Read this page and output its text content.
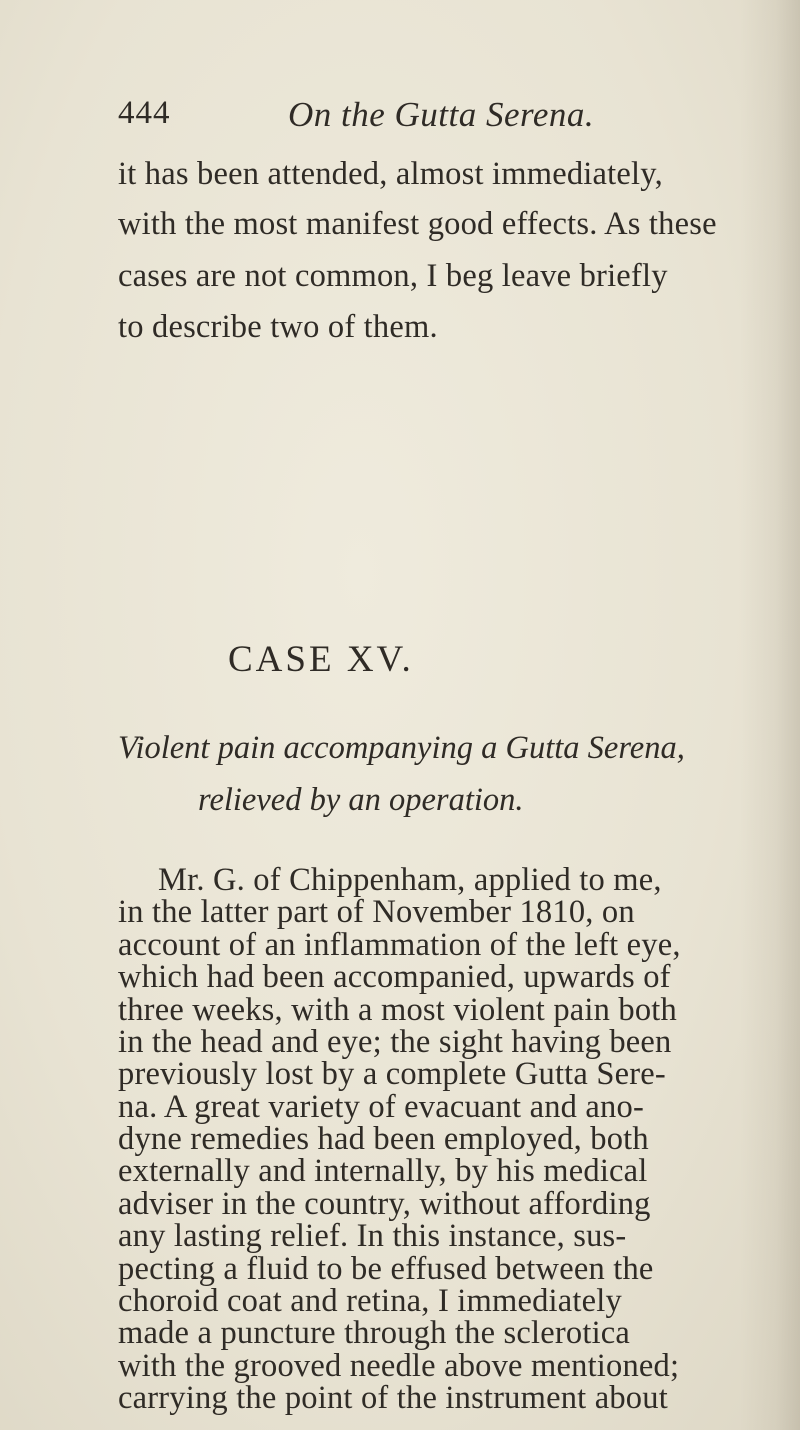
444	On the Gutta Serena.
it has been attended, almost immediately,
with the most manifest good effects. As these
cases are not common, I beg leave briefly
to describe two of them.
CASE XV.
Violent pain accompanying a Gutta Serena,
relieved by an operation.
Mr. G. of Chippenham, applied to me,
in the latter part of November 1810, on
account of an inflammation of the left eye,
which had been accompanied, upwards of
three weeks, with a most violent pain both
in the head and eye; the sight having been
previously lost by a complete Gutta Sere-
na. A great variety of evacuant and ano-
dyne remedies had been employed, both
externally and internally, by his medical
adviser in the country, without affording
any lasting relief. In this instance, sus-
pecting a fluid to be effused between the
choroid coat and retina, I immediately
made a puncture through the sclerotica
with the grooved needle above mentioned;
carrying the point of the instrument about
